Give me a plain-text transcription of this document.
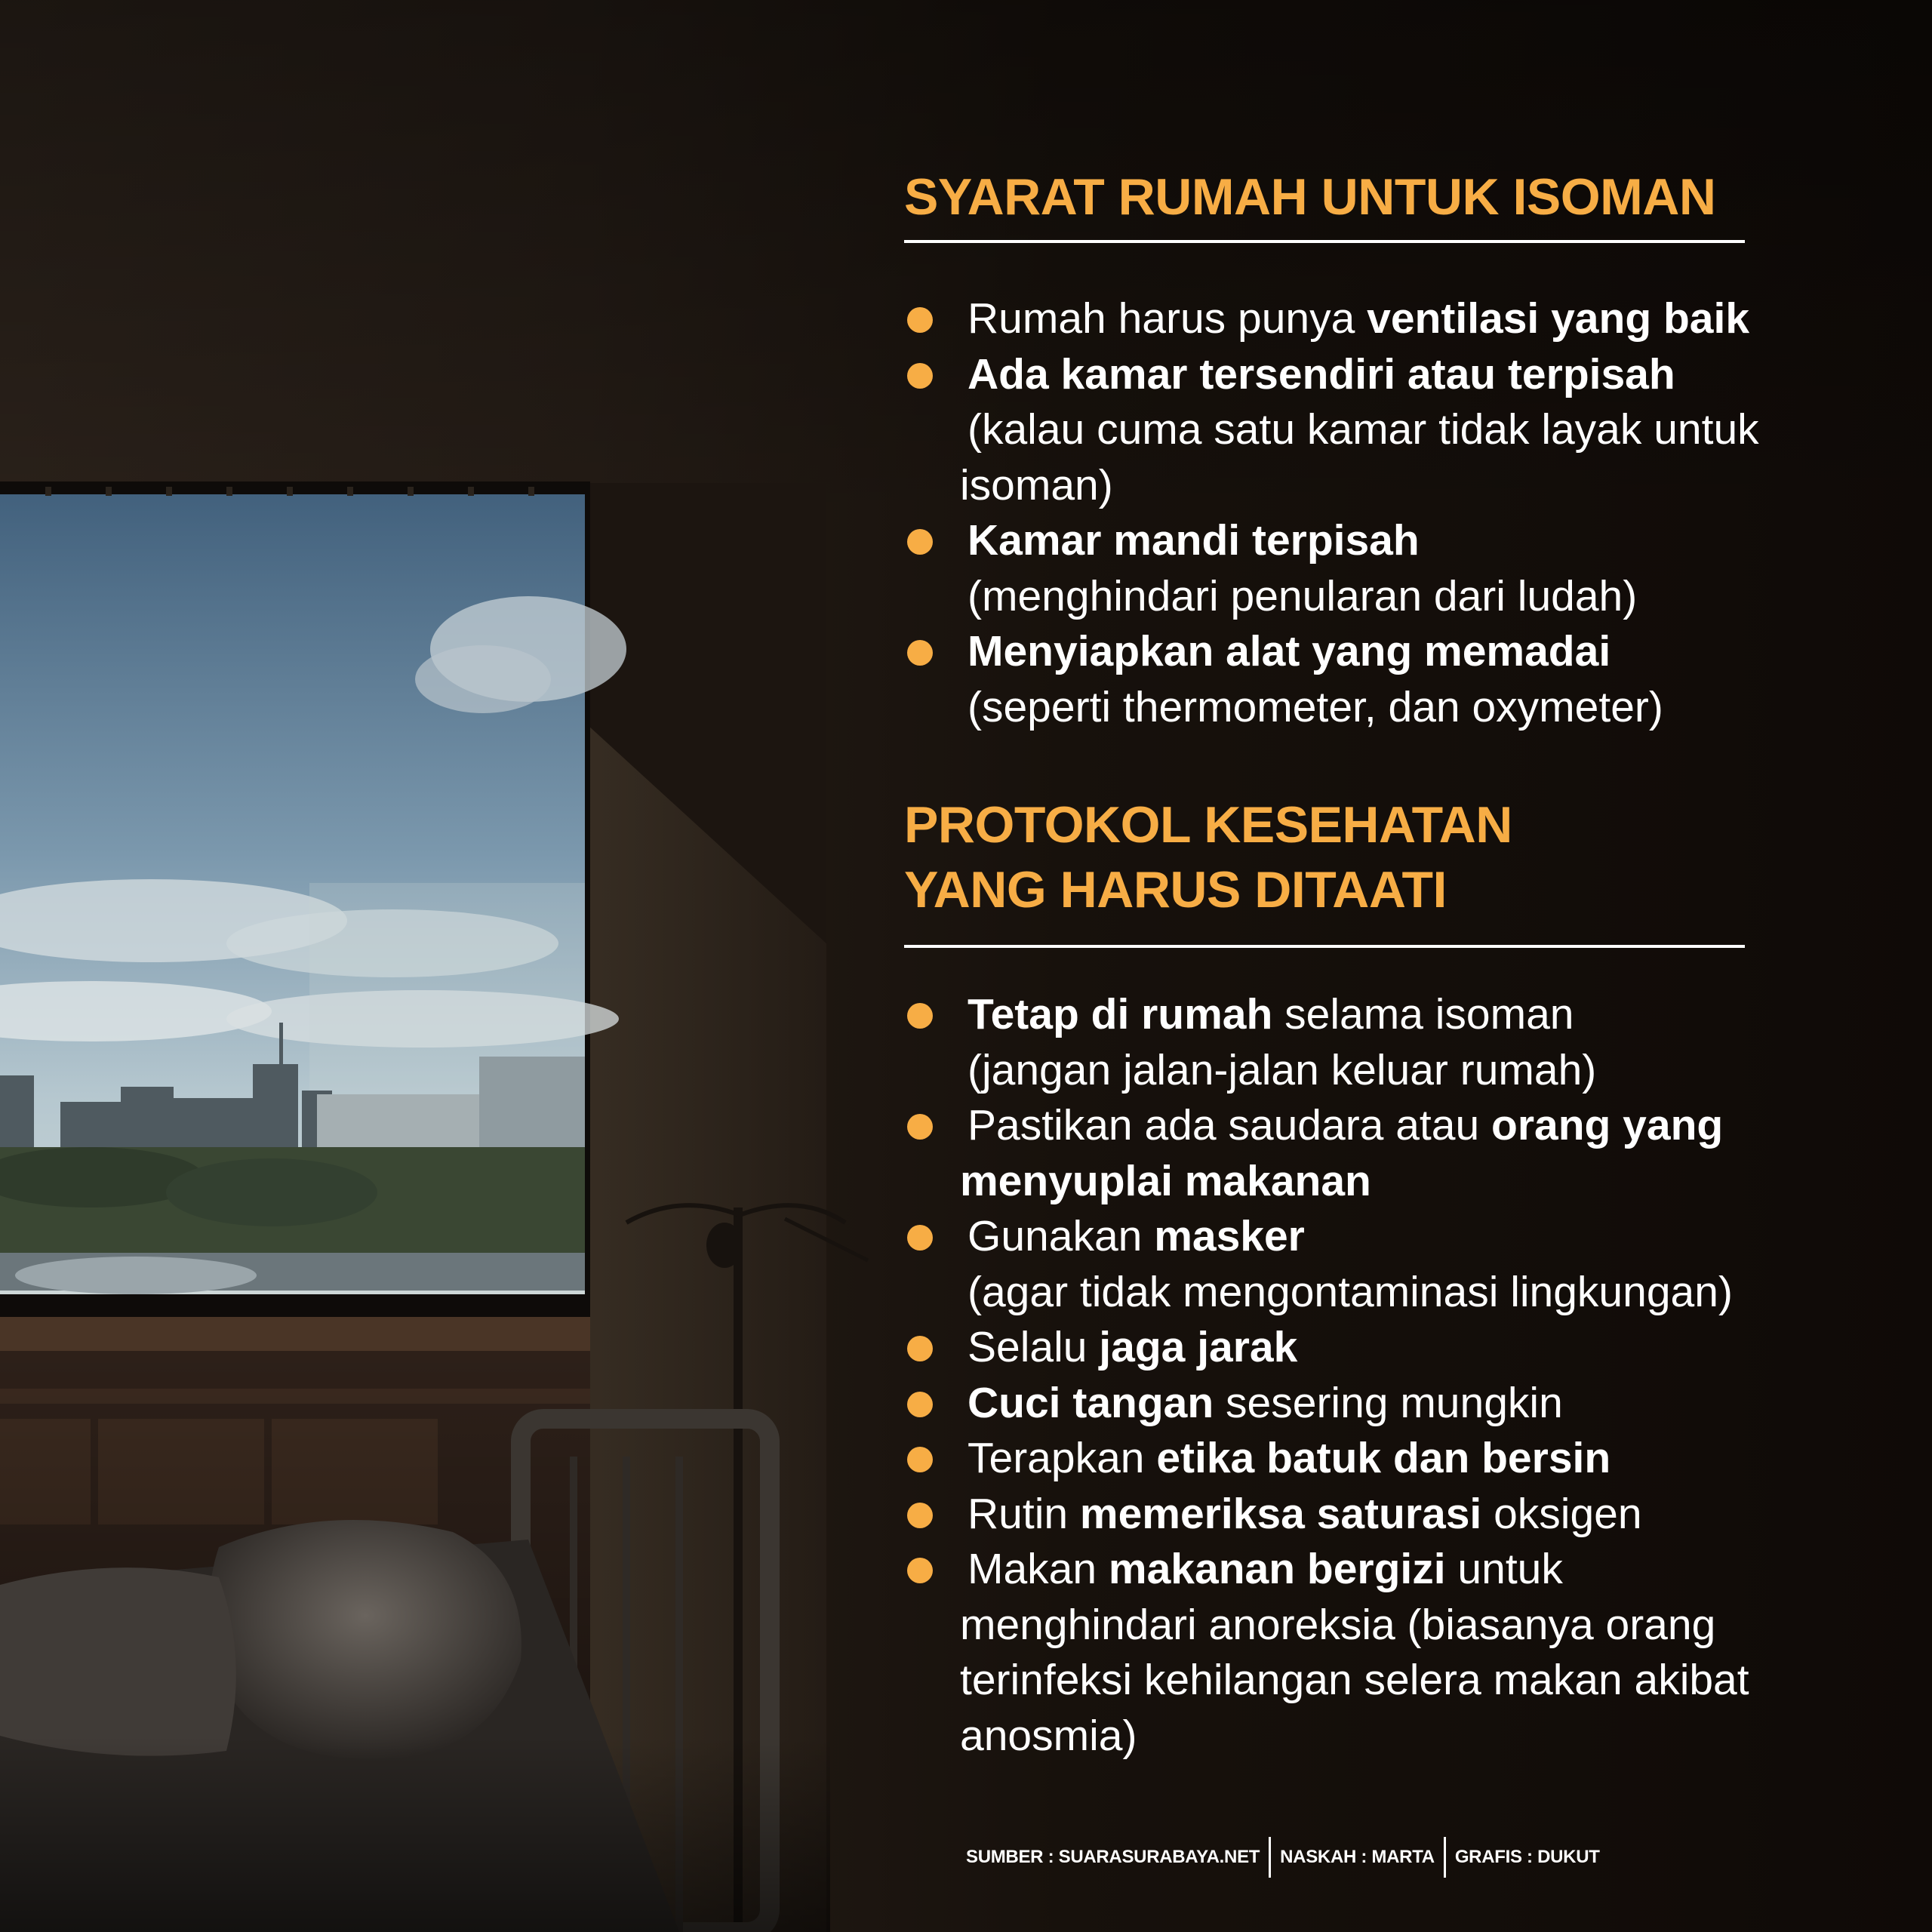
SYARAT RUMAH UNTUK ISOMAN
Rumah harus punya ventilasi yang baik
Ada kamar tersendiri atau terpisah
(kalau cuma satu kamar tidak layak untuk
isoman)
Kamar mandi terpisah
(menghindari penularan dari ludah)
Menyiapkan alat yang memadai
(seperti thermometer, dan oxymeter)
PROTOKOL KESEHATAN
YANG HARUS DITAATI
Tetap di rumah selama isoman
(jangan jalan-jalan keluar rumah)
Pastikan ada saudara atau orang yang
menyuplai makanan
Gunakan masker
(agar tidak mengontaminasi lingkungan)
Selalu jaga jarak
Cuci tangan sesering mungkin
Terapkan etika batuk dan bersin
Rutin memeriksa saturasi oksigen
Makan makanan bergizi untuk
menghindari anoreksia (biasanya orang
terinfeksi kehilangan selera makan akibat
anosmia)
SUMBER : SUARASURABAYA.NET NASKAH : MARTA GRAFIS : DUKUT
